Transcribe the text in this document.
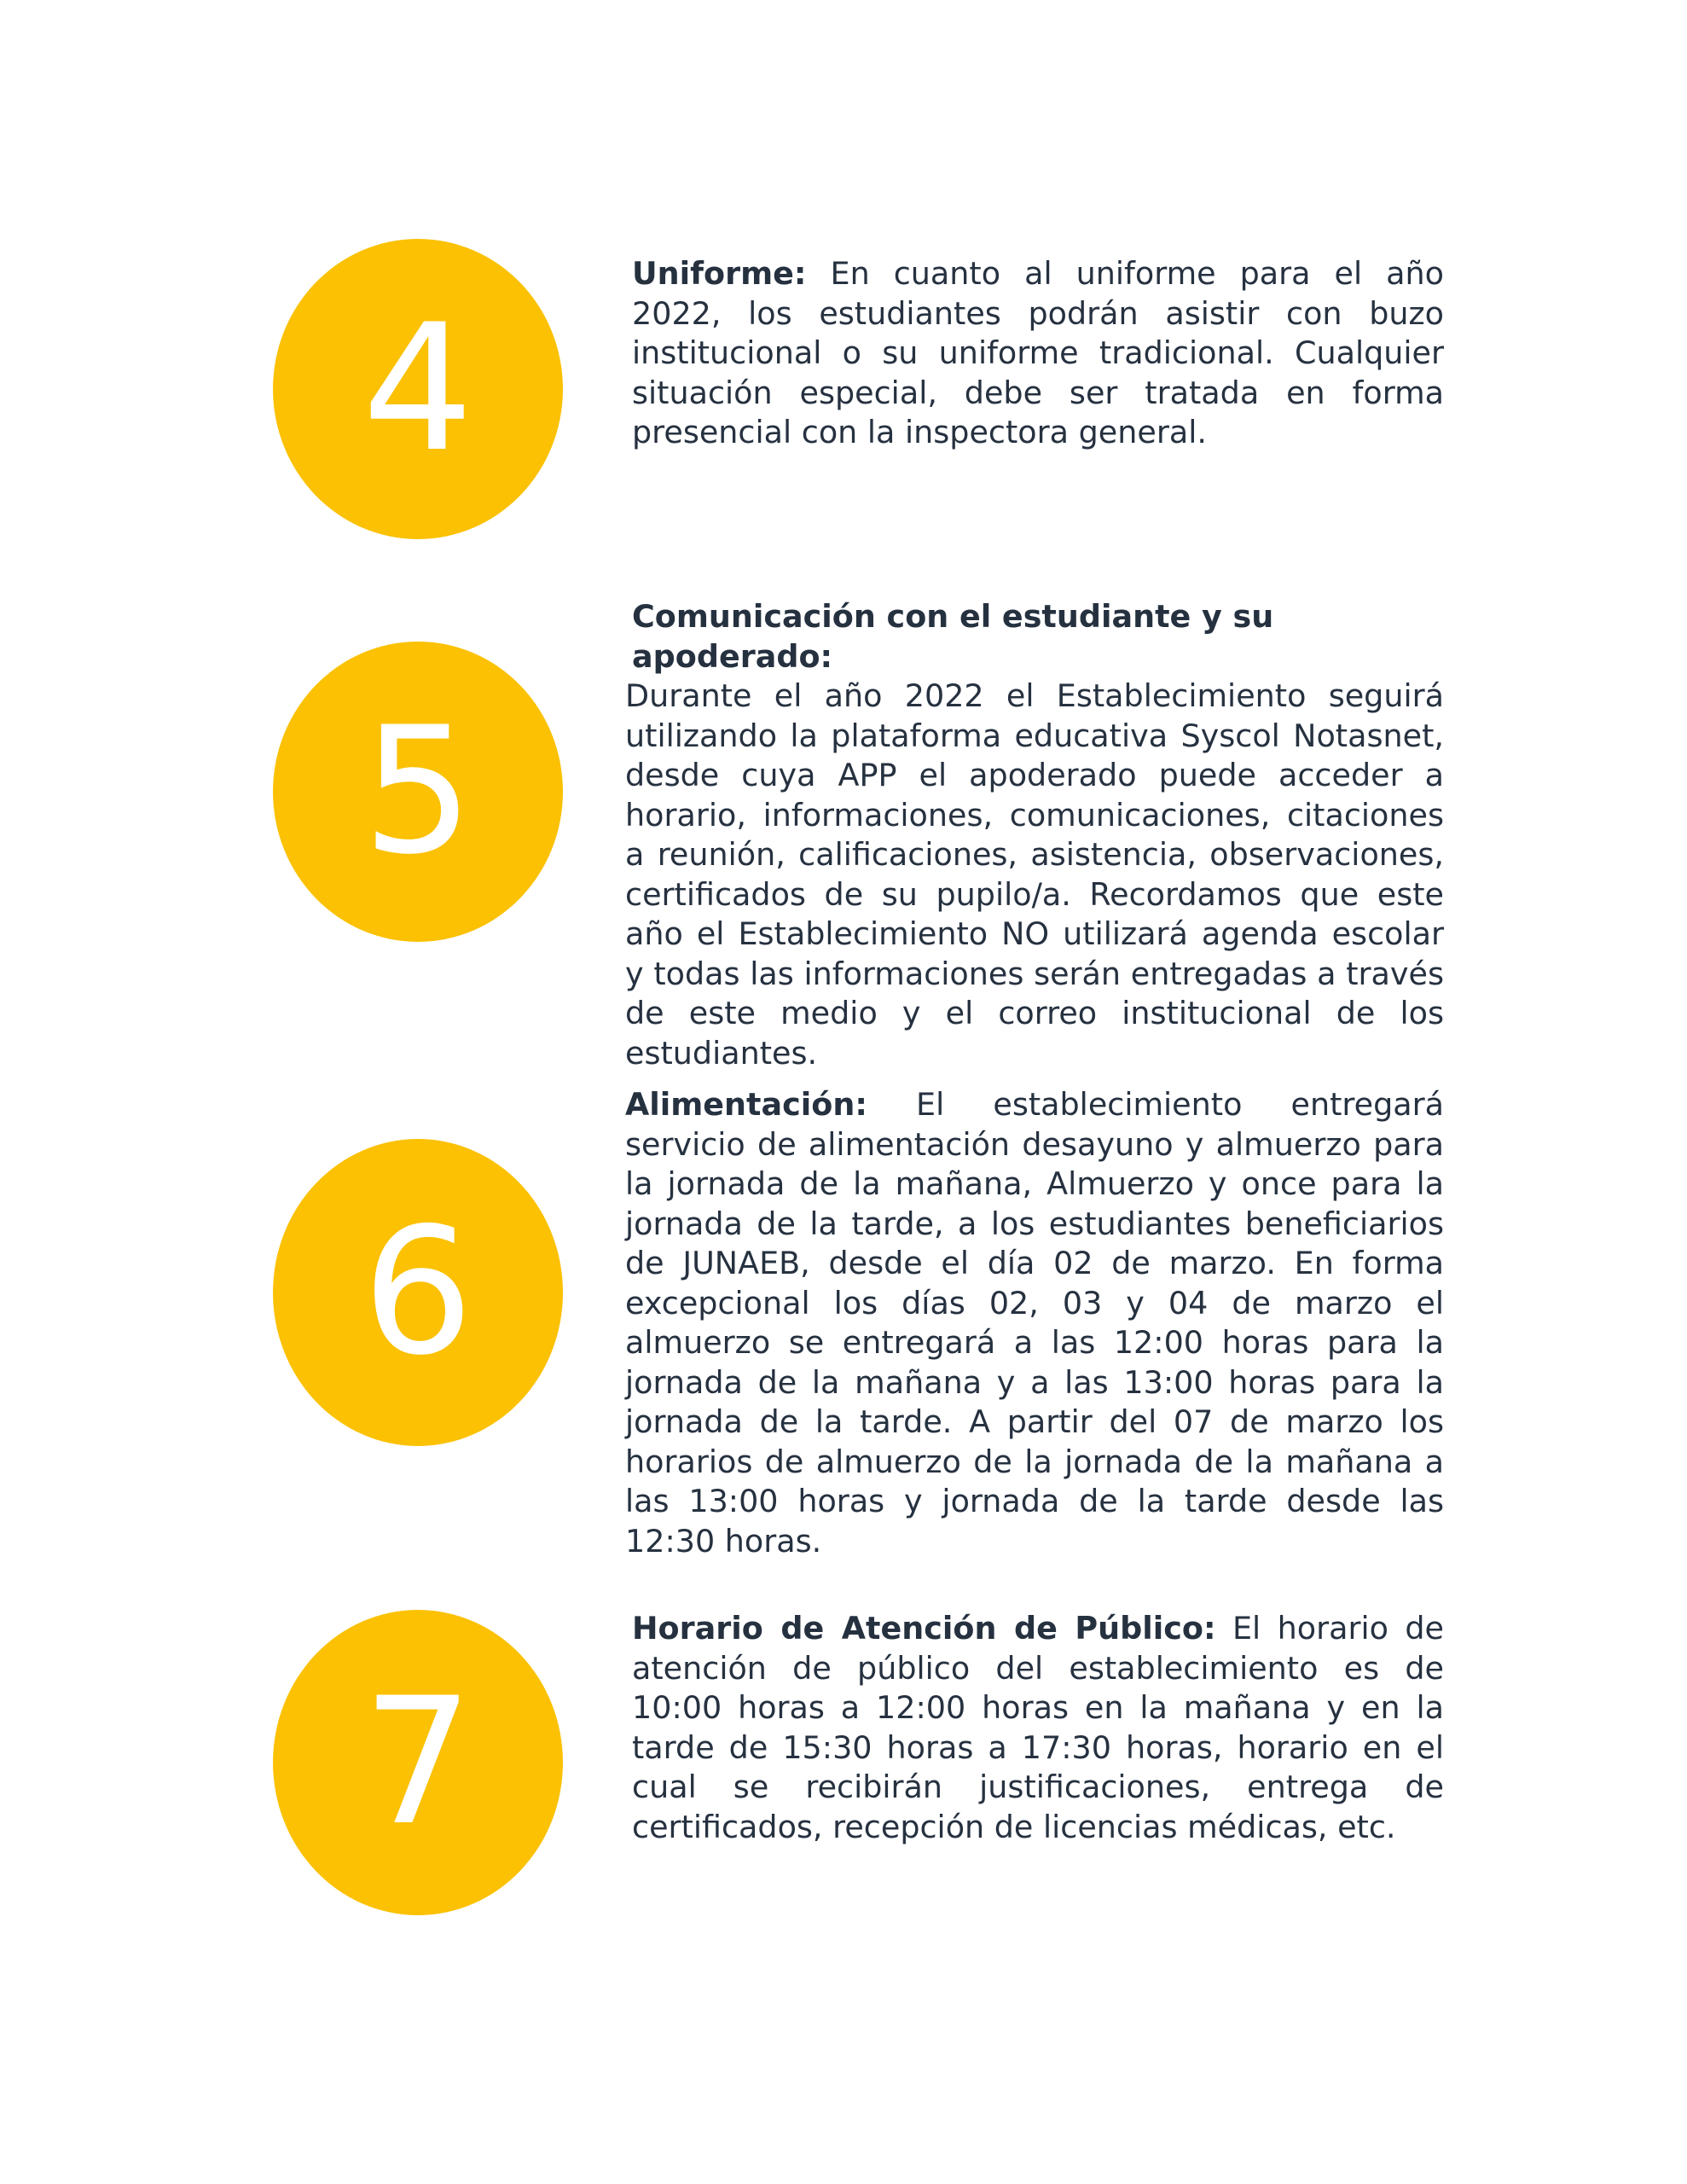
4

Uniforme: En cuanto al uniforme para el año 2022, los estudiantes podrán asistir con buzo institucional o su uniforme tradicional. Cualquier situación especial, debe ser tratada en forma presencial con la inspectora general.

5

Comunicación con el estudiante y su apoderado:
Durante el año 2022 el Establecimiento seguirá utilizando la plataforma educativa Syscol Notasnet, desde cuya APP el apoderado puede acceder a horario, informaciones, comunicaciones, citaciones a reunión, calificaciones, asistencia, observaciones, certificados de su pupilo/a. Recordamos que este año el Establecimiento NO utilizará agenda escolar y todas las informaciones serán entregadas a través de este medio y el correo institucional de los estudiantes.

6

Alimentación: El establecimiento entregará servicio de alimentación desayuno y almuerzo para la jornada de la mañana, Almuerzo y once para la jornada de la tarde, a los estudiantes beneficiarios de JUNAEB, desde el día 02 de marzo. En forma excepcional los días 02, 03 y 04 de marzo el almuerzo se entregará a las 12:00 horas para la jornada de la mañana y a las 13:00 horas para la jornada de la tarde. A partir del 07 de marzo los horarios de almuerzo de la jornada de la mañana a las 13:00 horas y jornada de la tarde desde las 12:30 horas.

7

Horario de Atención de Público: El horario de atención de público del establecimiento es de 10:00 horas a 12:00 horas en la mañana y en la tarde de 15:30 horas a 17:30 horas, horario en el cual se recibirán justificaciones, entrega de certificados, recepción de licencias médicas, etc.
